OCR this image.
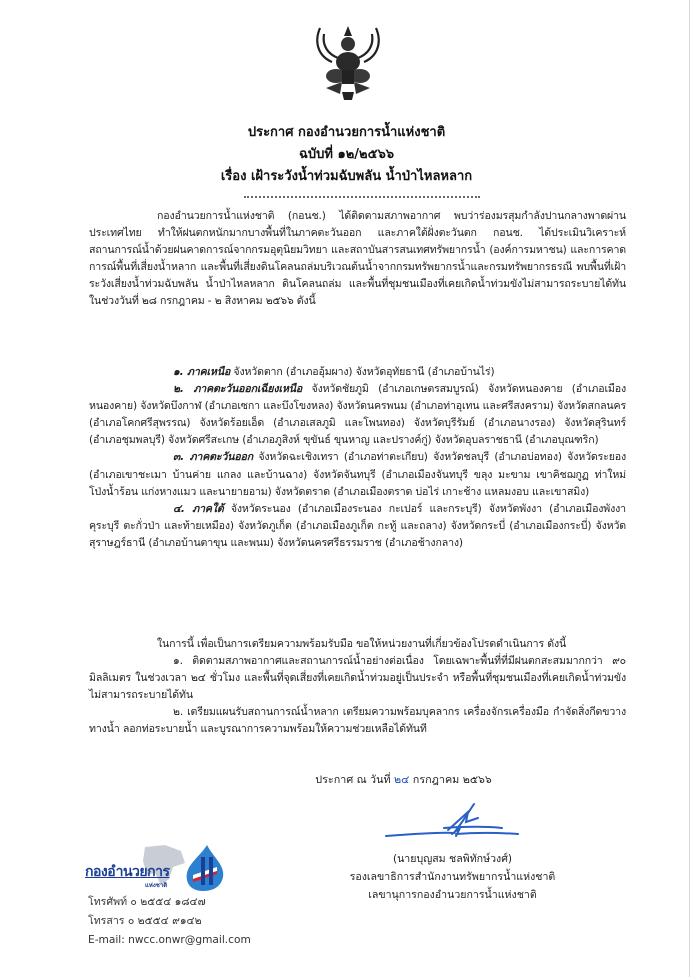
ประกาศ กองอำนวยการน้ำแห่งชาติ
ฉบับที่ ๑๒/๒๕๖๖
เรื่อง เฝ้าระวังน้ำท่วมฉับพลัน น้ำป่าไหลหลาก

กองอำนวยการน้ำแห่งชาติ (กอนช.) ได้ติดตามสภาพอากาศ พบว่าร่องมรสุมกำลังปานกลางพาดผ่านประเทศไทย ทำให้ฝนตกหนักมากบางพื้นที่ในภาคตะวันออก และภาคใต้ฝั่งตะวันตก กอนช. ได้ประเมินวิเคราะห์สถานการณ์น้ำด้วยฝนคาดการณ์จากกรมอุตุนิยมวิทยา และสถาบันสารสนเทศทรัพยากรน้ำ (องค์การมหาชน) และการคาดการณ์พื้นที่เสี่ยงน้ำหลาก และพื้นที่เสี่ยงดินโคลนถล่มบริเวณต้นน้ำจากกรมทรัพยากรน้ำและกรมทรัพยากรธรณี พบพื้นที่เฝ้าระวังเสี่ยงน้ำท่วมฉับพลัน น้ำป่าไหลหลาก ดินโคลนถล่ม และพื้นที่ชุมชนเมืองที่เคยเกิดน้ำท่วมขังไม่สามารถระบายได้ทัน ในช่วงวันที่ ๒๘ กรกฎาคม - ๒ สิงหาคม ๒๕๖๖ ดังนี้

๑. ภาคเหนือ จังหวัดตาก (อำเภออุ้มผาง) จังหวัดอุทัยธานี (อำเภอบ้านไร่)

๒. ภาคตะวันออกเฉียงเหนือ จังหวัดชัยภูมิ (อำเภอเกษตรสมบูรณ์) จังหวัดหนองคาย (อำเภอเมืองหนองคาย) จังหวัดบึงกาฬ (อำเภอเซกา และบึงโขงหลง) จังหวัดนครพนม (อำเภอท่าอุเทน และศรีสงคราม) จังหวัดสกลนคร (อำเภอโคกศรีสุพรรณ) จังหวัดร้อยเอ็ด (อำเภอเสลภูมิ และโพนทอง) จังหวัดบุรีรัมย์ (อำเภอนางรอง) จังหวัดสุรินทร์ (อำเภอชุมพลบุรี) จังหวัดศรีสะเกษ (อำเภอภูสิงห์ ขุขันธ์ ขุนหาญ และปรางค์กู่) จังหวัดอุบลราชธานี (อำเภอบุณฑริก)

๓. ภาคตะวันออก จังหวัดฉะเชิงเทรา (อำเภอท่าตะเกียบ) จังหวัดชลบุรี (อำเภอบ่อทอง) จังหวัดระยอง (อำเภอเขาชะเมา บ้านค่าย แกลง และบ้านฉาง) จังหวัดจันทบุรี (อำเภอเมืองจันทบุรี ขลุง มะขาม เขาคิชฌกูฏ ท่าใหม่ โป่งน้ำร้อน แก่งหางแมว และนายายอาม) จังหวัดตราด (อำเภอเมืองตราด บ่อไร่ เกาะช้าง แหลมงอบ และเขาสมิง)

๔. ภาคใต้ จังหวัดระนอง (อำเภอเมืองระนอง กะเปอร์ และกระบุรี) จังหวัดพังงา (อำเภอเมืองพังงา คุระบุรี ตะกั่วป่า และท้ายเหมือง) จังหวัดภูเก็ต (อำเภอเมืองภูเก็ต กะทู้ และถลาง) จังหวัดกระบี่ (อำเภอเมืองกระบี่) จังหวัดสุราษฎร์ธานี (อำเภอบ้านตาขุน และพนม) จังหวัดนครศรีธรรมราช (อำเภอช้างกลาง)

ในการนี้ เพื่อเป็นการเตรียมความพร้อมรับมือ ขอให้หน่วยงานที่เกี่ยวข้องโปรดดำเนินการ ดังนี้

๑. ติดตามสภาพอากาศและสถานการณ์น้ำอย่างต่อเนื่อง โดยเฉพาะพื้นที่ที่มีฝนตกสะสมมากกว่า ๙๐ มิลลิเมตร ในช่วงเวลา ๒๔ ชั่วโมง และพื้นที่จุดเสี่ยงที่เคยเกิดน้ำท่วมอยู่เป็นประจำ หรือพื้นที่ชุมชนเมืองที่เคยเกิดน้ำท่วมขังไม่สามารถระบายได้ทัน

๒. เตรียมแผนรับสถานการณ์น้ำหลาก เตรียมความพร้อมบุคลากร เครื่องจักรเครื่องมือ กำจัดสิ่งกีดขวางทางน้ำ ลอกท่อระบายน้ำ และบูรณาการความพร้อมให้ความช่วยเหลือได้ทันที

ประกาศ ณ วันที่ ๒๔ กรกฎาคม ๒๕๖๖
(นายบุญสม ชลพิทักษ์วงศ์)
รองเลขาธิการสำนักงานทรัพยากรน้ำแห่งชาติ
เลขานุการกองอำนวยการน้ำแห่งชาติ
กองอำนวยการ
แห่งชาติ
โทรศัพท์ ๐ ๒๕๕๔ ๑๘๔๗
โทรสาร ๐ ๒๕๕๔ ๙๑๔๒
E-mail: nwcc.onwr@gmail.com
